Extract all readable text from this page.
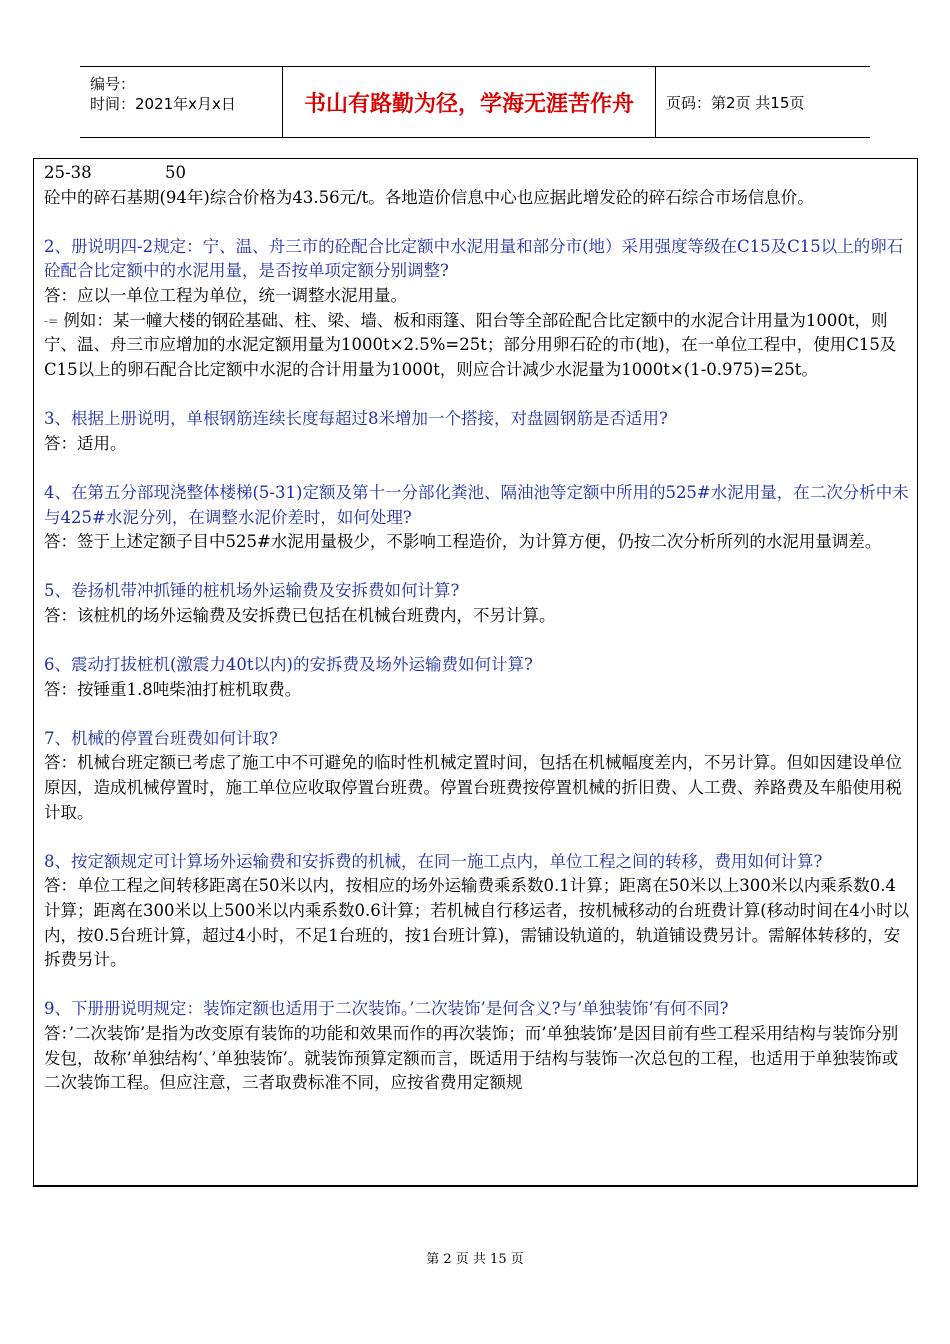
编号：
时间：2021年x月x日	书山有路勤为径，学海无涯苦作舟	页码：第2页 共15页

25-38              50

砼中的碎石基期(94年)综合价格为43.56元/t。各地造价信息中心也应据此增发砼的碎石综合市场信息价。

2、册说明四-2规定：宁、温、舟三市的砼配合比定额中水泥用量和部分市(地）采用强度等级在C15及C15以上的卵石砼配合比定额中的水泥用量，是否按单项定额分别调整?

答：应以一单位工程为单位，统一调整水泥用量。

-= 例如：某一幢大楼的钢砼基础、柱、梁、墙、板和雨篷、阳台等全部砼配合比定额中的水泥合计用量为1000t，则宁、温、舟三市应增加的水泥定额用量为1000t×2.5%=25t；部分用卵石砼的市(地)，在一单位工程中，使用C15及C15以上的卵石配合比定额中水泥的合计用量为1000t，则应合计减少水泥量为1000t×(1-0.975)=25t。

3、根据上册说明，单根钢筋连续长度每超过8米增加一个搭接，对盘圆钢筋是否适用?

答：适用。

4、在第五分部现浇整体楼梯(5-31)定额及第十一分部化粪池、隔油池等定额中所用的525#水泥用量，在二次分析中未与425#水泥分列，在调整水泥价差时，如何处理?

答：签于上述定额子目中525#水泥用量极少，不影响工程造价，为计算方便，仍按二次分析所列的水泥用量调差。

5、卷扬机带冲抓锤的桩机场外运输费及安拆费如何计算?

答：该桩机的场外运输费及安拆费已包括在机械台班费内，不另计算。

6、震动打拔桩机(激震力40t以内)的安拆费及场外运输费如何计算?

答：按锤重1.8吨柴油打桩机取费。

7、机械的停置台班费如何计取?

答：机械台班定额已考虑了施工中不可避免的临时性机械定置时间，包括在机械幅度差内，不另计算。但如因建设单位原因，造成机械停置时，施工单位应收取停置台班费。停置台班费按停置机械的折旧费、人工费、养路费及车船使用税计取。

8、按定额规定可计算场外运输费和安拆费的机械，在同一施工点内，单位工程之间的转移，费用如何计算?

答：单位工程之间转移距离在50米以内，按相应的场外运输费乘系数0.1计算；距离在50米以上300米以内乘系数0.4计算；距离在300米以上500米以内乘系数0.6计算；若机械自行移运者，按机械移动的台班费计算(移动时间在4小时以内，按0.5台班计算，超过4小时，不足1台班的，按1台班计算)，需铺设轨道的，轨道铺设费另计。需解体转移的，安拆费另计。

9、下册册说明规定：装饰定额也适用于二次装饰。’二次装饰’是何含义?与’单独装饰’有何不同?

答：’二次装饰’是指为改变原有装饰的功能和效果而作的再次装饰；而’单独装饰’是因目前有些工程采用结构与装饰分别发包，故称’单独结构’、’单独装饰’。就装饰预算定额而言，既适用于结构与装饰一次总包的工程，也适用于单独装饰或二次装饰工程。但应注意，三者取费标准不同，应按省费用定额规

第 2 页 共 15 页
